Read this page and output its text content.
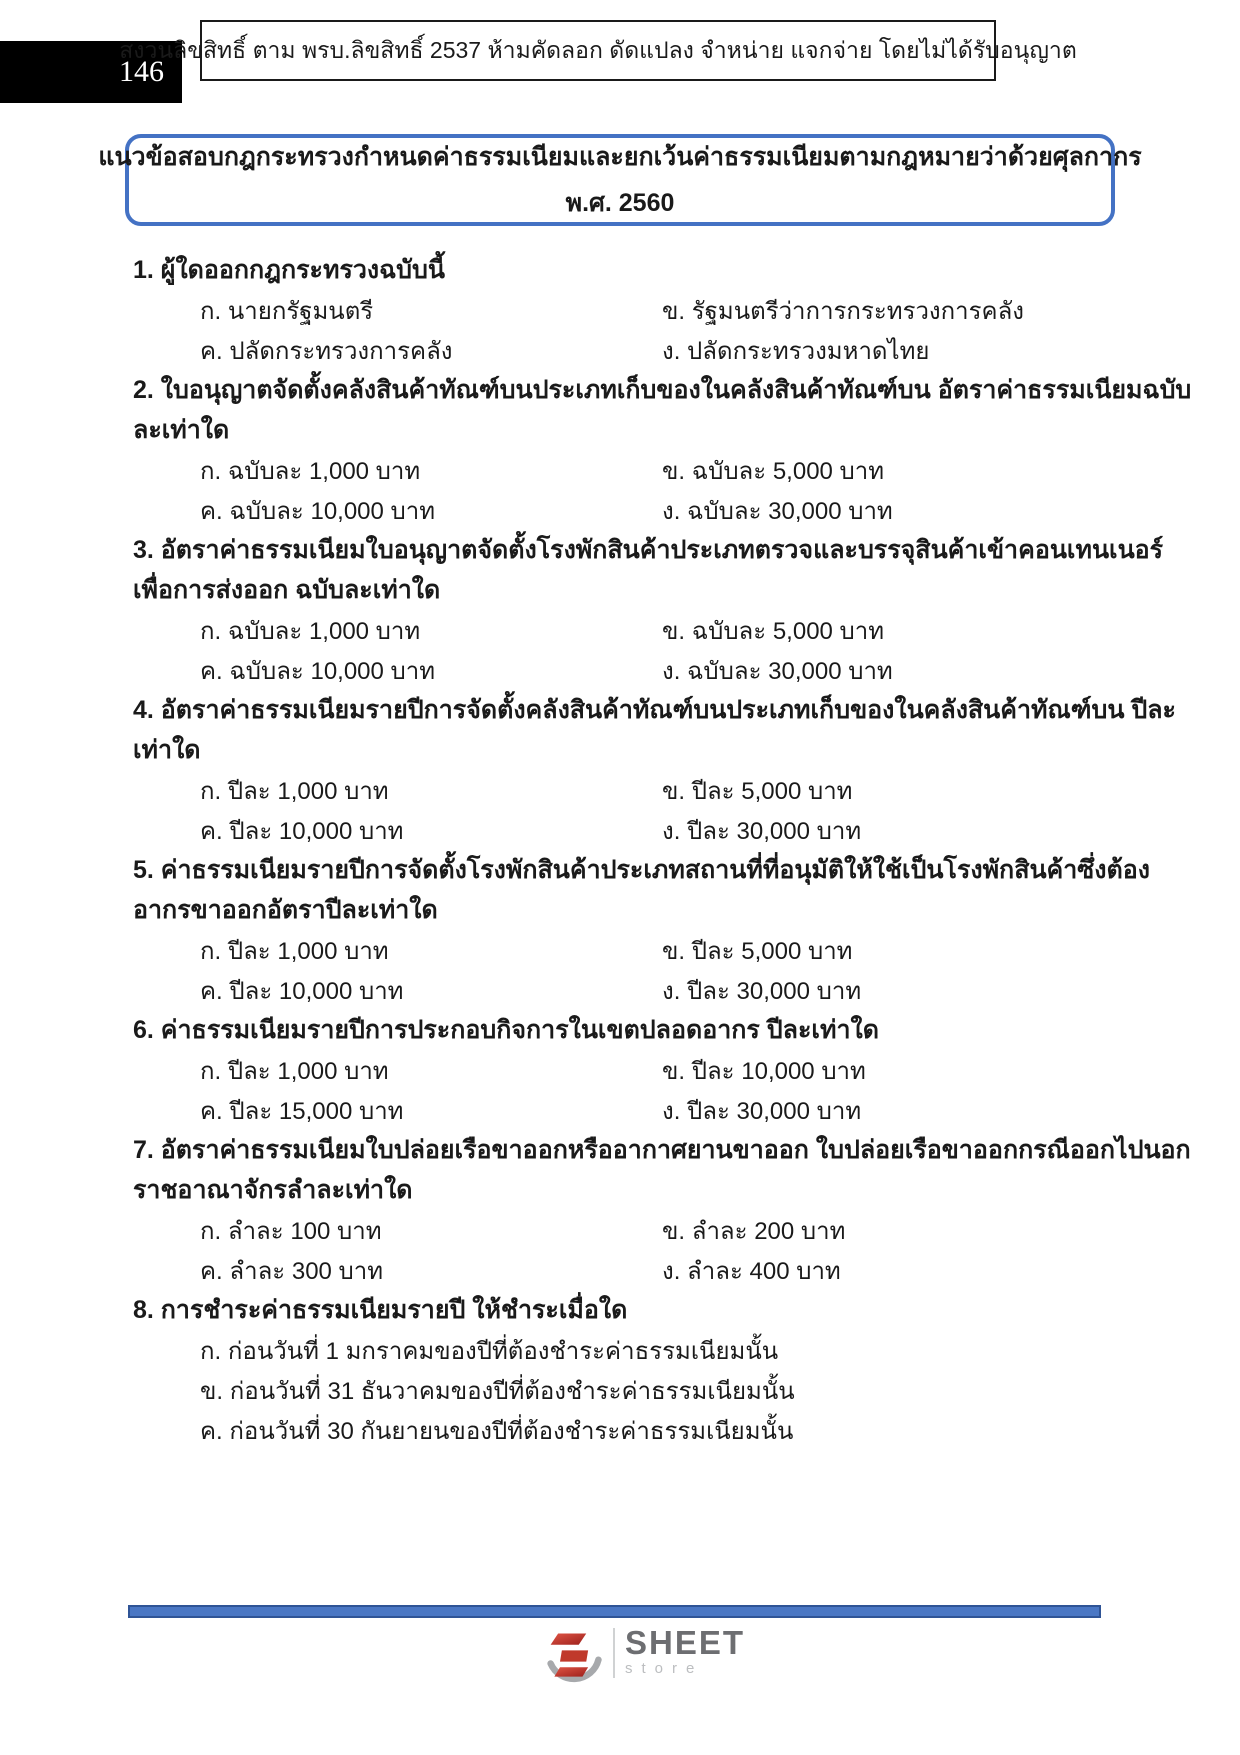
146
สงวนลิขสิทธิ์ ตาม พรบ.ลิขสิทธิ์ 2537 ห้ามคัดลอก ดัดแปลง จำหน่าย แจกจ่าย โดยไม่ได้รับอนุญาต
แนวข้อสอบกฎกระทรวงกำหนดค่าธรรมเนียมและยกเว้นค่าธรรมเนียมตามกฎหมายว่าด้วยศุลกากร
พ.ศ. 2560
1. ผู้ใดออกกฎกระทรวงฉบับนี้
ก. นายกรัฐมนตรี	ข. รัฐมนตรีว่าการกระทรวงการคลัง
ค. ปลัดกระทรวงการคลัง	ง. ปลัดกระทรวงมหาดไทย
2. ใบอนุญาตจัดตั้งคลังสินค้าทัณฑ์บนประเภทเก็บของในคลังสินค้าทัณฑ์บน อัตราค่าธรรมเนียมฉบับ
ละเท่าใด
ก. ฉบับละ 1,000 บาท	ข. ฉบับละ 5,000 บาท
ค. ฉบับละ 10,000 บาท	ง. ฉบับละ 30,000 บาท
3. อัตราค่าธรรมเนียมใบอนุญาตจัดตั้งโรงพักสินค้าประเภทตรวจและบรรจุสินค้าเข้าคอนเทนเนอร์
เพื่อการส่งออก ฉบับละเท่าใด
ก. ฉบับละ 1,000 บาท	ข. ฉบับละ 5,000 บาท
ค. ฉบับละ 10,000 บาท	ง. ฉบับละ 30,000 บาท
4. อัตราค่าธรรมเนียมรายปีการจัดตั้งคลังสินค้าทัณฑ์บนประเภทเก็บของในคลังสินค้าทัณฑ์บน ปีละ
เท่าใด
ก. ปีละ 1,000 บาท	ข. ปีละ 5,000 บาท
ค. ปีละ 10,000 บาท	ง. ปีละ 30,000 บาท
5. ค่าธรรมเนียมรายปีการจัดตั้งโรงพักสินค้าประเภทสถานที่ที่อนุมัติให้ใช้เป็นโรงพักสินค้าซึ่งต้อง
อากรขาออกอัตราปีละเท่าใด
ก. ปีละ 1,000 บาท	ข. ปีละ 5,000 บาท
ค. ปีละ 10,000 บาท	ง. ปีละ 30,000 บาท
6. ค่าธรรมเนียมรายปีการประกอบกิจการในเขตปลอดอากร ปีละเท่าใด
ก. ปีละ 1,000 บาท	ข. ปีละ 10,000 บาท
ค. ปีละ 15,000 บาท	ง. ปีละ 30,000 บาท
7. อัตราค่าธรรมเนียมใบปล่อยเรือขาออกหรืออากาศยานขาออก ใบปล่อยเรือขาออกกรณีออกไปนอก
ราชอาณาจักรลำละเท่าใด
ก. ลำละ 100 บาท	ข. ลำละ 200 บาท
ค. ลำละ 300 บาท	ง. ลำละ 400 บาท
8. การชำระค่าธรรมเนียมรายปี ให้ชำระเมื่อใด
ก. ก่อนวันที่ 1 มกราคมของปีที่ต้องชำระค่าธรรมเนียมนั้น
ข. ก่อนวันที่ 31 ธันวาคมของปีที่ต้องชำระค่าธรรมเนียมนั้น
ค. ก่อนวันที่ 30 กันยายนของปีที่ต้องชำระค่าธรรมเนียมนั้น
SHEET
store
